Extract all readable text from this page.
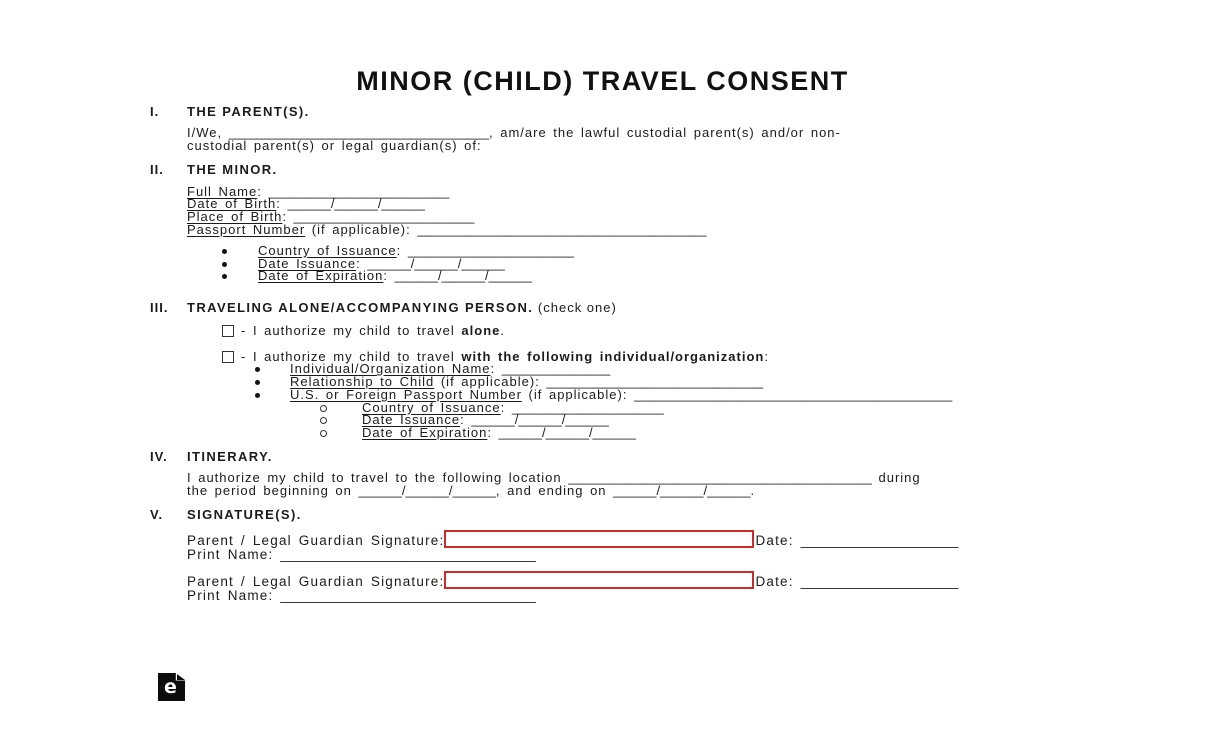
MINOR (CHILD) TRAVEL CONSENT
I.	THE PARENT(S).
I/We, ____________________________________, am/are the lawful custodial parent(s) and/or non-
custodial parent(s) or legal guardian(s) of:
II.	THE MINOR.
Full Name: _________________________
Date of Birth: ______/______/______
Place of Birth: _________________________
Passport Number (if applicable): ________________________________________
Country of Issuance: _______________________
Date Issuance: ______/______/______
Date of Expiration: ______/______/______
III.	TRAVELING ALONE/ACCOMPANYING PERSON. (check one)
- I authorize my child to travel alone.
- I authorize my child to travel with the following individual/organization:
Individual/Organization Name: _______________
Relationship to Child (if applicable): ______________________________
U.S. or Foreign Passport Number (if applicable): ____________________________________________
Country of Issuance: _____________________
Date Issuance: ______/______/______
Date of Expiration: ______/______/______
IV.	ITINERARY.
I authorize my child to travel to the following location __________________________________________ during
the period beginning on ______/______/______, and ending on ______/______/______.
V.	SIGNATURE(S).
Parent / Legal Guardian Signature:	Date: _____________________
Print Name: __________________________________
Parent / Legal Guardian Signature:	Date: _____________________
Print Name: __________________________________
e
